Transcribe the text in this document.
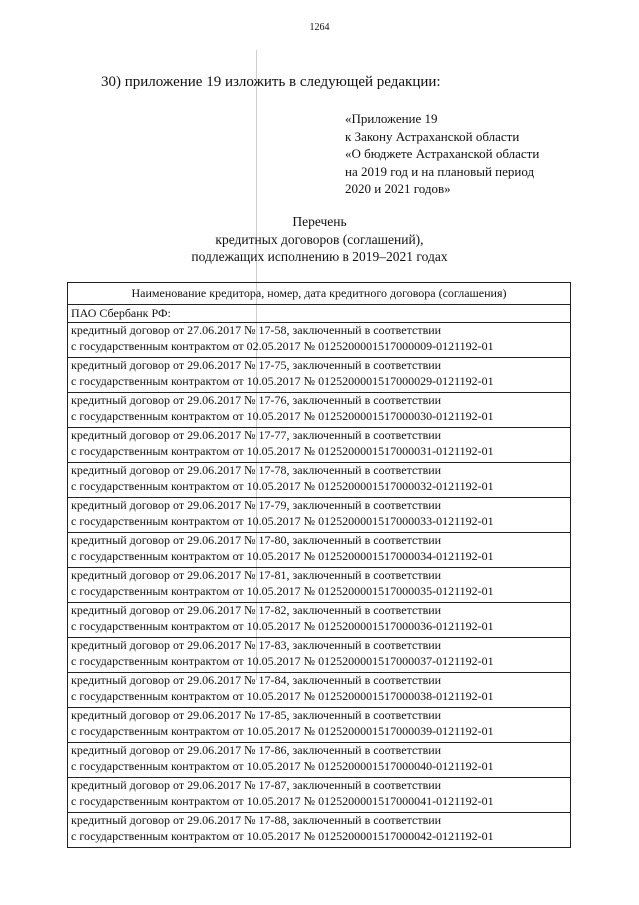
1264
30) приложение 19 изложить в следующей редакции:
«Приложение 19
к Закону Астраханской области
«О бюджете Астраханской области
на 2019 год и на плановый период
2020 и 2021 годов»
Перечень
кредитных договоров (соглашений),
подлежащих исполнению в 2019–2021 годах
Наименование кредитора, номер, дата кредитного договора (соглашения)
ПАО Сбербанк РФ:

кредитный договор от 27.06.2017 № 17-58, заключенный в соответствии
с государственным контрактом от 02.05.2017 № 0125200001517000009-0121192-01

кредитный договор от 29.06.2017 № 17-75, заключенный в соответствии
с государственным контрактом от 10.05.2017 № 0125200001517000029-0121192-01

кредитный договор от 29.06.2017 № 17-76, заключенный в соответствии
с государственным контрактом от 10.05.2017 № 0125200001517000030-0121192-01

кредитный договор от 29.06.2017 № 17-77, заключенный в соответствии
с государственным контрактом от 10.05.2017 № 0125200001517000031-0121192-01

кредитный договор от 29.06.2017 № 17-78, заключенный в соответствии
с государственным контрактом от 10.05.2017 № 0125200001517000032-0121192-01

кредитный договор от 29.06.2017 № 17-79, заключенный в соответствии
с государственным контрактом от 10.05.2017 № 0125200001517000033-0121192-01

кредитный договор от 29.06.2017 № 17-80, заключенный в соответствии
с государственным контрактом от 10.05.2017 № 0125200001517000034-0121192-01

кредитный договор от 29.06.2017 № 17-81, заключенный в соответствии
с государственным контрактом от 10.05.2017 № 0125200001517000035-0121192-01

кредитный договор от 29.06.2017 № 17-82, заключенный в соответствии
с государственным контрактом от 10.05.2017 № 0125200001517000036-0121192-01

кредитный договор от 29.06.2017 № 17-83, заключенный в соответствии
с государственным контрактом от 10.05.2017 № 0125200001517000037-0121192-01

кредитный договор от 29.06.2017 № 17-84, заключенный в соответствии
с государственным контрактом от 10.05.2017 № 0125200001517000038-0121192-01

кредитный договор от 29.06.2017 № 17-85, заключенный в соответствии
с государственным контрактом от 10.05.2017 № 0125200001517000039-0121192-01

кредитный договор от 29.06.2017 № 17-86, заключенный в соответствии
с государственным контрактом от 10.05.2017 № 0125200001517000040-0121192-01

кредитный договор от 29.06.2017 № 17-87, заключенный в соответствии
с государственным контрактом от 10.05.2017 № 0125200001517000041-0121192-01

кредитный договор от 29.06.2017 № 17-88, заключенный в соответствии
с государственным контрактом от 10.05.2017 № 0125200001517000042-0121192-01
